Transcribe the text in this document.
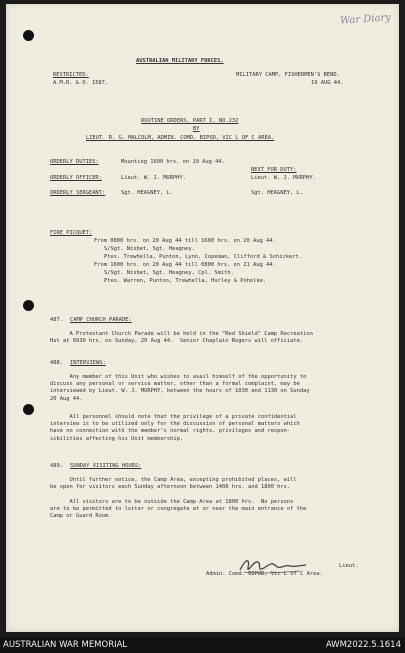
War Diary
AUSTRALIAN MILITARY FORCES.
RESTRICTED.
A.M.R. & O. 1587.
MILITARY CAMP, FISHERMEN'S BEND.
19 AUG 44.
ROUTINE ORDERS, PART I, NO.232
BY
LIEUT. R. G. MALCOLM, ADMIN. COMD. BIPOD, VIC L OF C AREA.
ORDERLY DUTIES:	Mounting 1600 hrs. on 19 Aug 44.
NEXT FOR DUTY:
ORDERLY OFFICER:	Lieut. W. J. MURPHY.	Lieut. W. J. MURPHY.
ORDERLY SERGEANT:	Sgt. HEAGNEY, L.	Sgt. HEAGNEY, L.
FIRE PICQUET:
From 0800 hrs. on 20 Aug 44 till 1600 hrs. on 20 Aug 44.
S/Sgt. Nisbet, Sgt. Heagney.
Ptes. Trewhella, Punton, Lynn, Copeman, Clifford & Schickert.
From 1600 hrs. on 20 Aug 44 till 0800 hrs. on 21 Aug 44.
S/Sgt. Nisbet, Sgt. Heagney, Cpl. Smith.
Ptes. Warren, Punton, Trewhella, Hurley & Poholke.
487. CAMP CHURCH PARADE:
A Protestant Church Parade will be held in the "Red Shield" Camp Recreation
Hut at 0930 hrs. on Sunday, 20 Aug 44.  Senior Chaplain Rogers will officiate.
488. INTERVIEWS:
Any member of this Unit who wishes to avail himself of the opportunity to
discuss any personal or service matter, other than a formal complaint, may be
interviewed by Lieut. W. J. MURPHY, between the hours of 1030 and 1130 on Sunday
20 Aug 44.
All personnel should note that the privilege of a private confidential
interview is to be utilized only for the discussion of personal matters which
have no connection with the member's normal rights, privileges and respon-
sibilities affecting his Unit membership.
489. SUNDAY VISITING HOURS:
Until further notice, the Camp Area, excepting prohibited places, will
be open for visitors each Sunday afternoon between 1400 hrs. and 1800 hrs.
All visitors are to be outside the Camp Area at 1800 hrs.  No persons
are to be permitted to loiter or congregate at or near the main entrance of the
Camp or Guard Room.
Lieut.
Admin. Comd. BIPOD, Vic L of C Area.
AUSTRALIAN WAR MEMORIAL	AWM2022.5.1614
